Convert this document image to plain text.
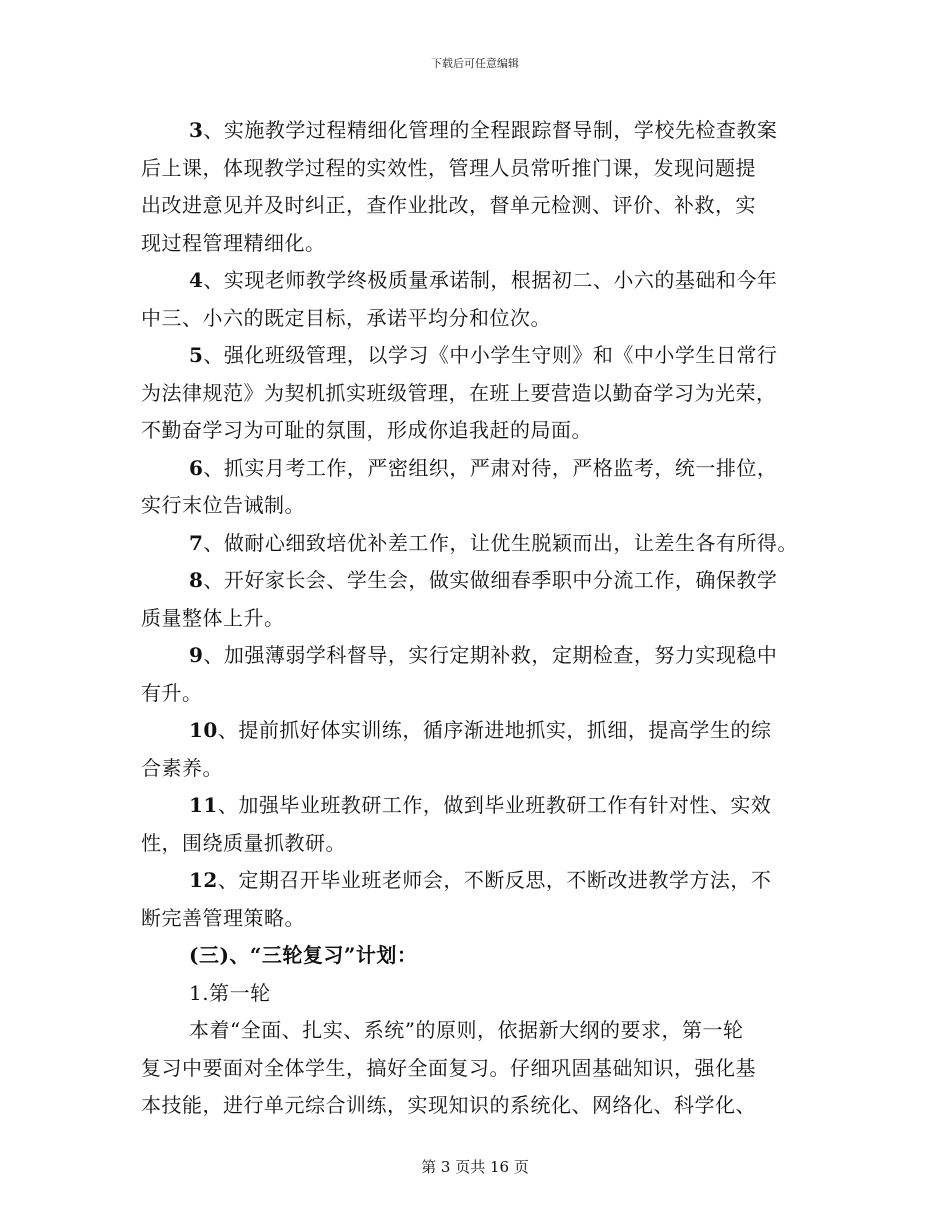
下载后可任意编辑
3、实施教学过程精细化管理的全程跟踪督导制，学校先检查教案
后上课，体现教学过程的实效性，管理人员常听推门课，发现问题提
出改进意见并及时纠正，查作业批改，督单元检测、评价、补救，实
现过程管理精细化。
4、实现老师教学终极质量承诺制，根据初二、小六的基础和今年
中三、小六的既定目标，承诺平均分和位次。
5、强化班级管理，以学习《中小学生守则》和《中小学生日常行
为法律规范》为契机抓实班级管理，在班上要营造以勤奋学习为光荣，
不勤奋学习为可耻的氛围，形成你追我赶的局面。
6、抓实月考工作，严密组织，严肃对待，严格监考，统一排位，
实行末位告诫制。
7、做耐心细致培优补差工作，让优生脱颖而出，让差生各有所得。
8、开好家长会、学生会，做实做细春季职中分流工作，确保教学
质量整体上升。
9、加强薄弱学科督导，实行定期补救，定期检查，努力实现稳中
有升。
10、提前抓好体实训练，循序渐进地抓实，抓细，提高学生的综
合素养。
11、加强毕业班教研工作，做到毕业班教研工作有针对性、实效
性，围绕质量抓教研。
12、定期召开毕业班老师会，不断反思，不断改进教学方法，不
断完善管理策略。
(三)、“三轮复习”计划：
1.第一轮
本着“全面、扎实、系统”的原则，依据新大纲的要求，第一轮
复习中要面对全体学生，搞好全面复习。仔细巩固基础知识，强化基
本技能，进行单元综合训练，实现知识的系统化、网络化、科学化、
第 3 页共 16 页
